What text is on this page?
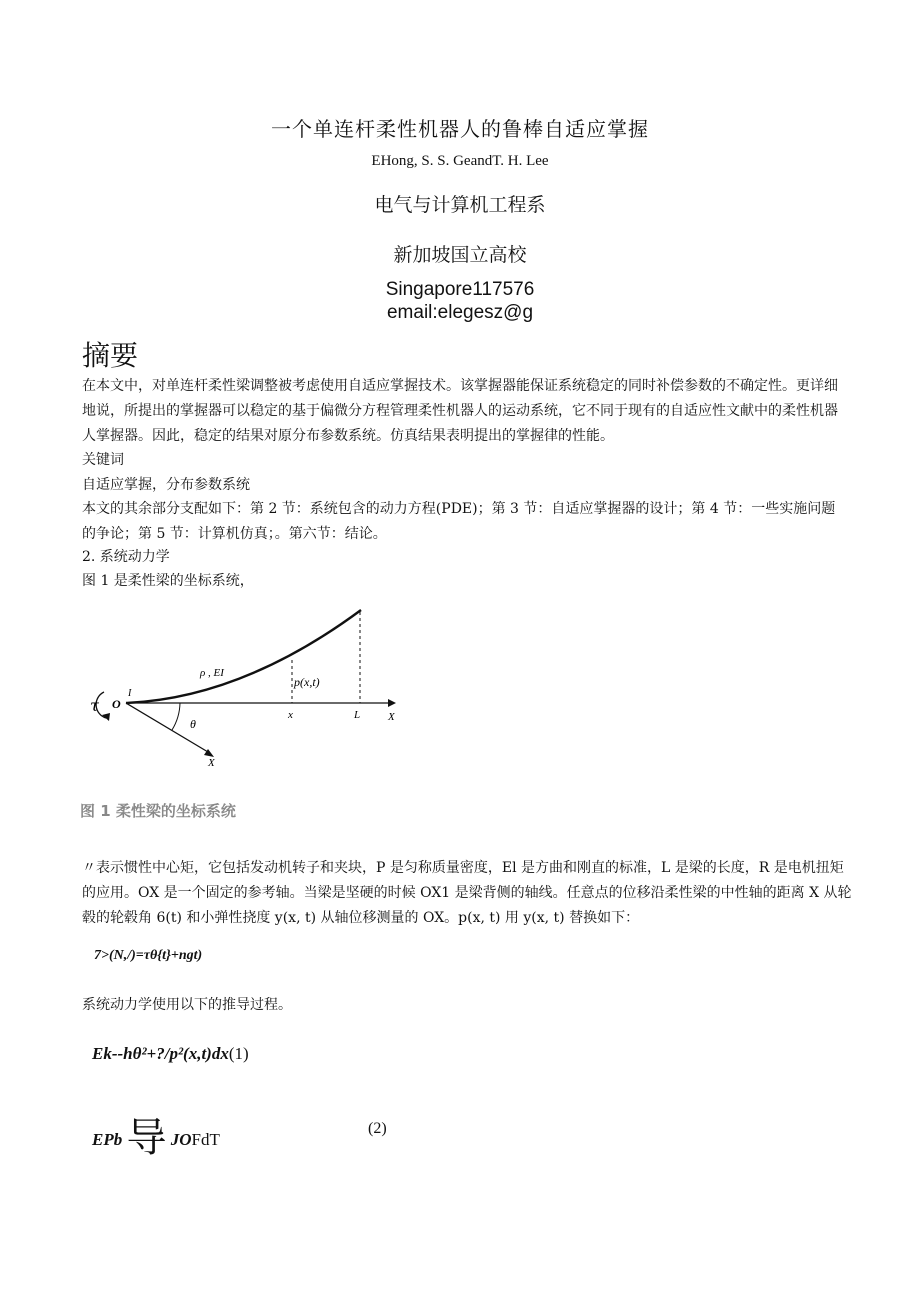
一个单连杆柔性机器人的鲁棒自适应掌握
EHong, S. S. GeandT. H. Lee
电气与计算机工程系
新加坡国立高校
Singapore117576
email:elegesz@g
摘要
在本文中，对单连杆柔性梁调整被考虑使用自适应掌握技术。该掌握器能保证系统稳定的同时补偿参数的不确定性。更详细地说，所提出的掌握器可以稳定的基于偏微分方程管理柔性机器人的运动系统，它不同于现有的自适应性文献中的柔性机器人掌握器。因此，稳定的结果对原分布参数系统。仿真结果表明提出的掌握律的性能。
关键词
自适应掌握，分布参数系统
本文的其余部分支配如下：第 2 节：系统包含的动力方程(PDE)；第 3 节：自适应掌握器的设计；第 4 节：一些实施问题的争论；第 5 节：计算机仿真；。第六节：结论。
2. 系统动力学
图 1 是柔性梁的坐标系统，
τ O
I
ρ , EI
p(x,t)
θ
x	L	X
X
图 1 柔性梁的坐标系统
〃表示惯性中心矩，它包括发动机转子和夹块，P 是匀称质量密度，El 是方曲和刚直的标准，L 是梁的长度，R 是电机扭矩的应用。OX 是一个固定的参考轴。当梁是坚硬的时候 OX1 是梁背侧的轴线。任意点的位移沿柔性梁的中性轴的距离 X 从轮毂的轮毂角 6(t) 和小弹性挠度 y(x, t) 从轴位移测量的 OX。p(x, t) 用 y(x, t) 替换如下：
7>(N,/)=τθ{t}+ngt)
系统动力学使用以下的推导过程。
Ek--hθ²+?/p²(x,t)dx(1)
EPb 导 JOFdT
(2)
